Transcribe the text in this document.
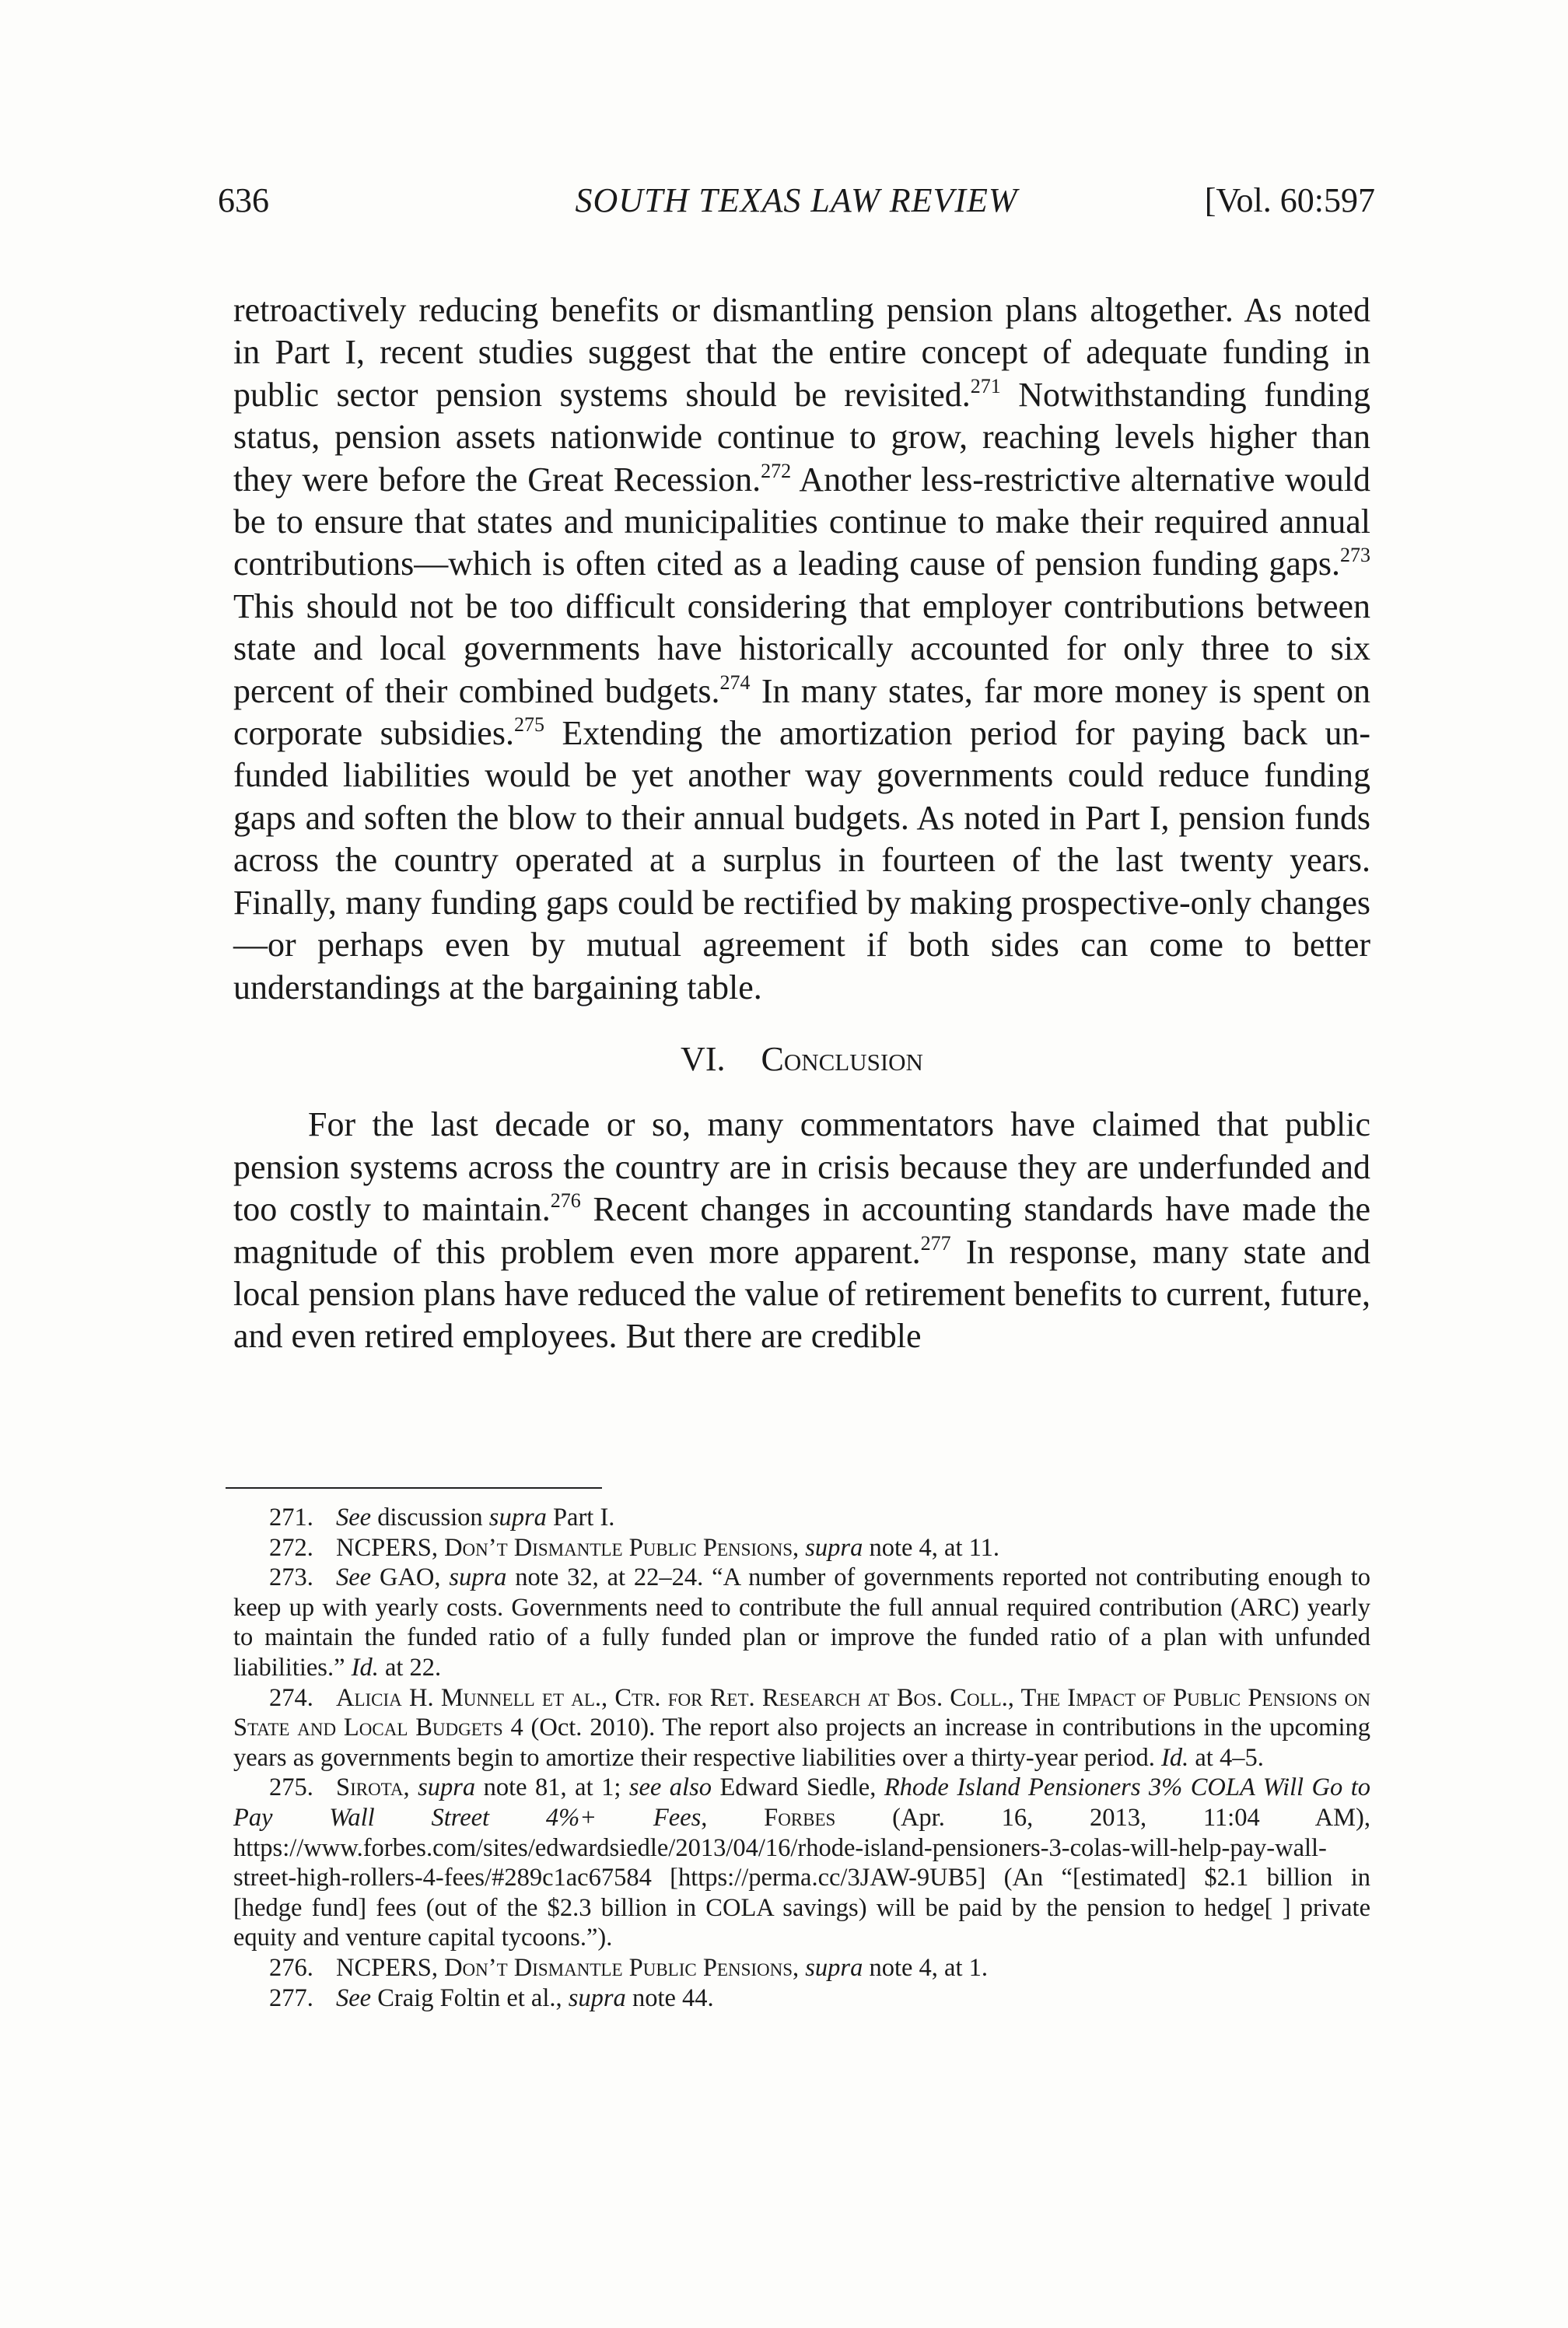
636	SOUTH TEXAS LAW REVIEW	[Vol. 60:597

retroactively reducing benefits or dismantling pension plans altogether. As noted in Part I, recent studies suggest that the entire concept of adequate funding in public sector pension systems should be revisited.$^{271}$ Notwithstanding funding status, pension assets nationwide continue to grow, reaching levels higher than they were before the Great Recession.$^{272}$ Another less-restrictive alternative would be to ensure that states and municipalities continue to make their required annual contributions—which is often cited as a leading cause of pension funding gaps.$^{273}$ This should not be too difficult considering that employer contributions between state and local governments have historically accounted for only three to six percent of their combined budgets.$^{274}$ In many states, far more money is spent on corporate subsidies.$^{275}$ Extending the amortization period for paying back un-funded liabilities would be yet another way governments could reduce funding gaps and soften the blow to their annual budgets. As noted in Part I, pension funds across the country operated at a surplus in fourteen of the last twenty years. Finally, many funding gaps could be rectified by making prospective-only changes—or perhaps even by mutual agreement if both sides can come to better understandings at the bargaining table.

VI. Conclusion

For the last decade or so, many commentators have claimed that public pension systems across the country are in crisis because they are underfunded and too costly to maintain.$^{276}$ Recent changes in accounting standards have made the magnitude of this problem even more apparent.$^{277}$ In response, many state and local pension plans have reduced the value of retirement benefits to current, future, and even retired employees. But there are credible

271. See discussion supra Part I.

272. NCPERS, Don’t Dismantle Public Pensions, supra note 4, at 11.

273. See GAO, supra note 32, at 22–24. “A number of governments reported not contributing enough to keep up with yearly costs. Governments need to contribute the full annual required contribution (ARC) yearly to maintain the funded ratio of a fully funded plan or improve the funded ratio of a plan with unfunded liabilities.” Id. at 22.

274. Alicia H. Munnell et al., Ctr. for Ret. Research at Bos. Coll., The Impact of Public Pensions on State and Local Budgets 4 (Oct. 2010). The report also projects an increase in contributions in the upcoming years as governments begin to amortize their respective liabilities over a thirty-year period. Id. at 4–5.

275. Sirota, supra note 81, at 1; see also Edward Siedle, Rhode Island Pensioners 3% COLA Will Go to Pay Wall Street 4%+ Fees, Forbes (Apr. 16, 2013, 11:04 AM), https://www.forbes.com/sites/edwardsiedle/2013/04/16/rhode-island-pensioners-3-colas-will-help-pay-wall-street-high-rollers-4-fees/#289c1ac67584 [https://perma.cc/3JAW-9UB5] (An “[estimated] $2.1 billion in [hedge fund] fees (out of the $2.3 billion in COLA savings) will be paid by the pension to hedge[ ] private equity and venture capital tycoons.”).

276. NCPERS, Don’t Dismantle Public Pensions, supra note 4, at 1.

277. See Craig Foltin et al., supra note 44.
